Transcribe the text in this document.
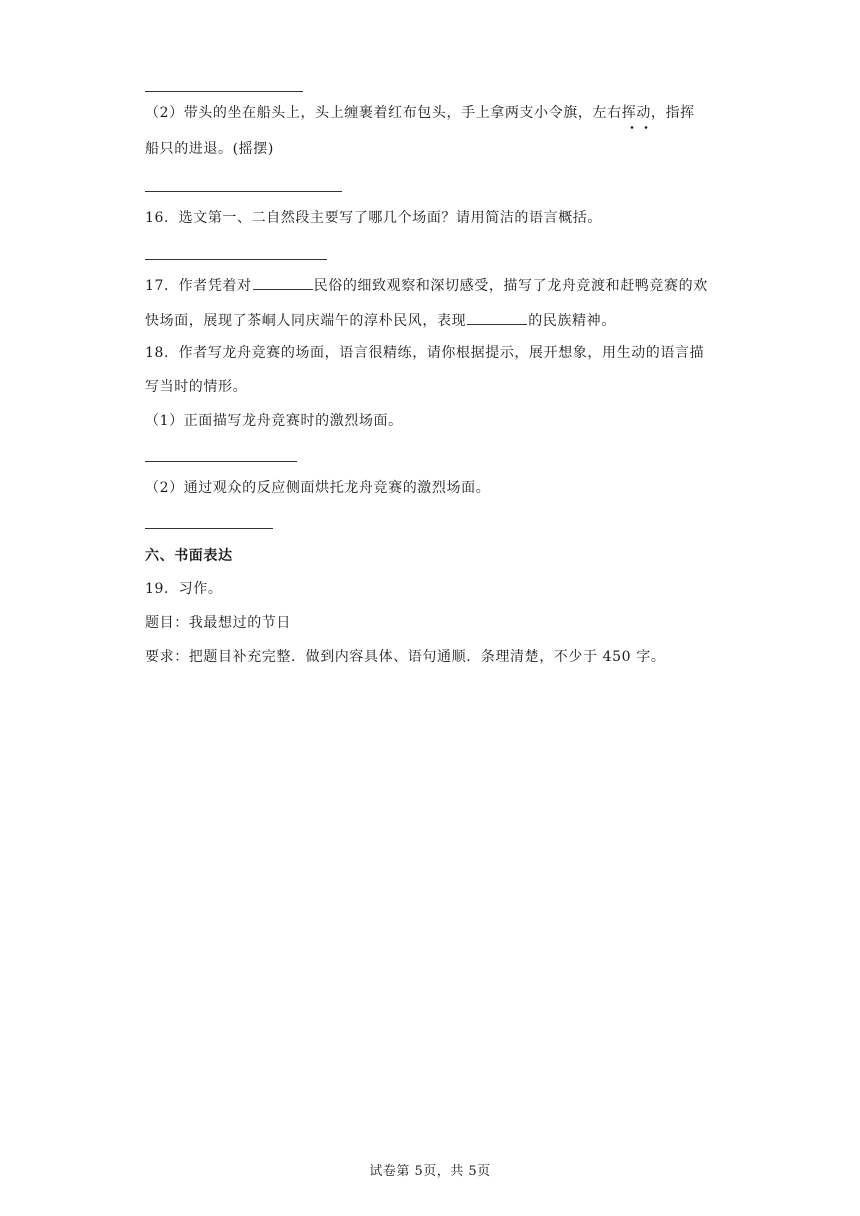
（2）带头的坐在船头上，头上缠裹着红布包头，手上拿两支小令旗，左右挥动，指挥
船只的进退。(摇摆)
16．选文第一、二自然段主要写了哪几个场面？请用简洁的语言概括。
17．作者凭着对	民俗的细致观察和深切感受，描写了龙舟竞渡和赶鸭竞赛的欢
快场面，展现了茶峒人同庆端午的淳朴民风，表现	的民族精神。
18．作者写龙舟竞赛的场面，语言很精练，请你根据提示，展开想象，用生动的语言描
写当时的情形。
（1）正面描写龙舟竞赛时的激烈场面。
（2）通过观众的反应侧面烘托龙舟竞赛的激烈场面。
六、书面表达
19．习作。
题目：我最想过的节日
要求：把题目补充完整．做到内容具体、语句通顺．条理清楚，不少于 450 字。
试卷第 5页，共 5页
